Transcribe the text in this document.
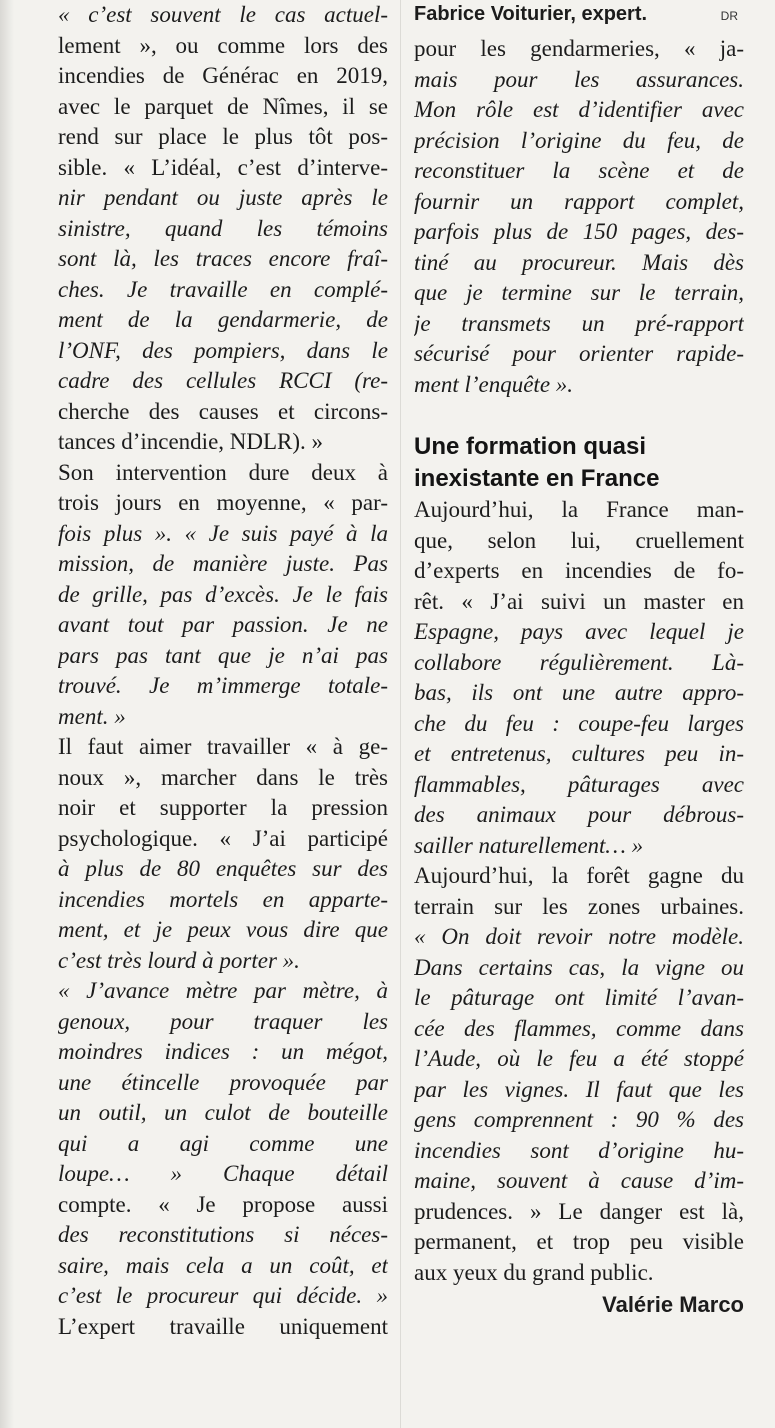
« c’est souvent le cas actuel-
lement », ou comme lors des
incendies de Générac en 2019,
avec le parquet de Nîmes, il se
rend sur place le plus tôt pos-
sible. « L’idéal, c’est d’interve-
nir pendant ou juste après le
sinistre, quand les témoins
sont là, les traces encore fraî-
ches. Je travaille en complé-
ment de la gendarmerie, de
l’ONF, des pompiers, dans le
cadre des cellules RCCI (re-
cherche des causes et circons-
tances d’incendie, NDLR). »
Son intervention dure deux à
trois jours en moyenne, « par-
fois plus ». « Je suis payé à la
mission, de manière juste. Pas
de grille, pas d’excès. Je le fais
avant tout par passion. Je ne
pars pas tant que je n’ai pas
trouvé. Je m’immerge totale-
ment. »
Il faut aimer travailler « à ge-
noux », marcher dans le très
noir et supporter la pression
psychologique. « J’ai participé
à plus de 80 enquêtes sur des
incendies mortels en apparte-
ment, et je peux vous dire que
c’est très lourd à porter ».
« J’avance mètre par mètre, à
genoux, pour traquer les
moindres indices : un mégot,
une étincelle provoquée par
un outil, un culot de bouteille
qui a agi comme une
loupe… » Chaque détail
compte. « Je propose aussi
des reconstitutions si néces-
saire, mais cela a un coût, et
c’est le procureur qui décide. »
L’expert travaille uniquement
Fabrice Voiturier, expert.	DR
pour les gendarmeries, « ja-
mais pour les assurances.
Mon rôle est d’identifier avec
précision l’origine du feu, de
reconstituer la scène et de
fournir un rapport complet,
parfois plus de 150 pages, des-
tiné au procureur. Mais dès
que je termine sur le terrain,
je transmets un pré-rapport
sécurisé pour orienter rapide-
ment l’enquête ».
Une formation quasi
inexistante en France
Aujourd’hui, la France man-
que, selon lui, cruellement
d’experts en incendies de fo-
rêt. « J’ai suivi un master en
Espagne, pays avec lequel je
collabore régulièrement. Là-
bas, ils ont une autre appro-
che du feu : coupe-feu larges
et entretenus, cultures peu in-
flammables, pâturages avec
des animaux pour débrous-
sailler naturellement… »
Aujourd’hui, la forêt gagne du
terrain sur les zones urbaines.
« On doit revoir notre modèle.
Dans certains cas, la vigne ou
le pâturage ont limité l’avan-
cée des flammes, comme dans
l’Aude, où le feu a été stoppé
par les vignes. Il faut que les
gens comprennent : 90 % des
incendies sont d’origine hu-
maine, souvent à cause d’im-
prudences. » Le danger est là,
permanent, et trop peu visible
aux yeux du grand public.
Valérie Marco
